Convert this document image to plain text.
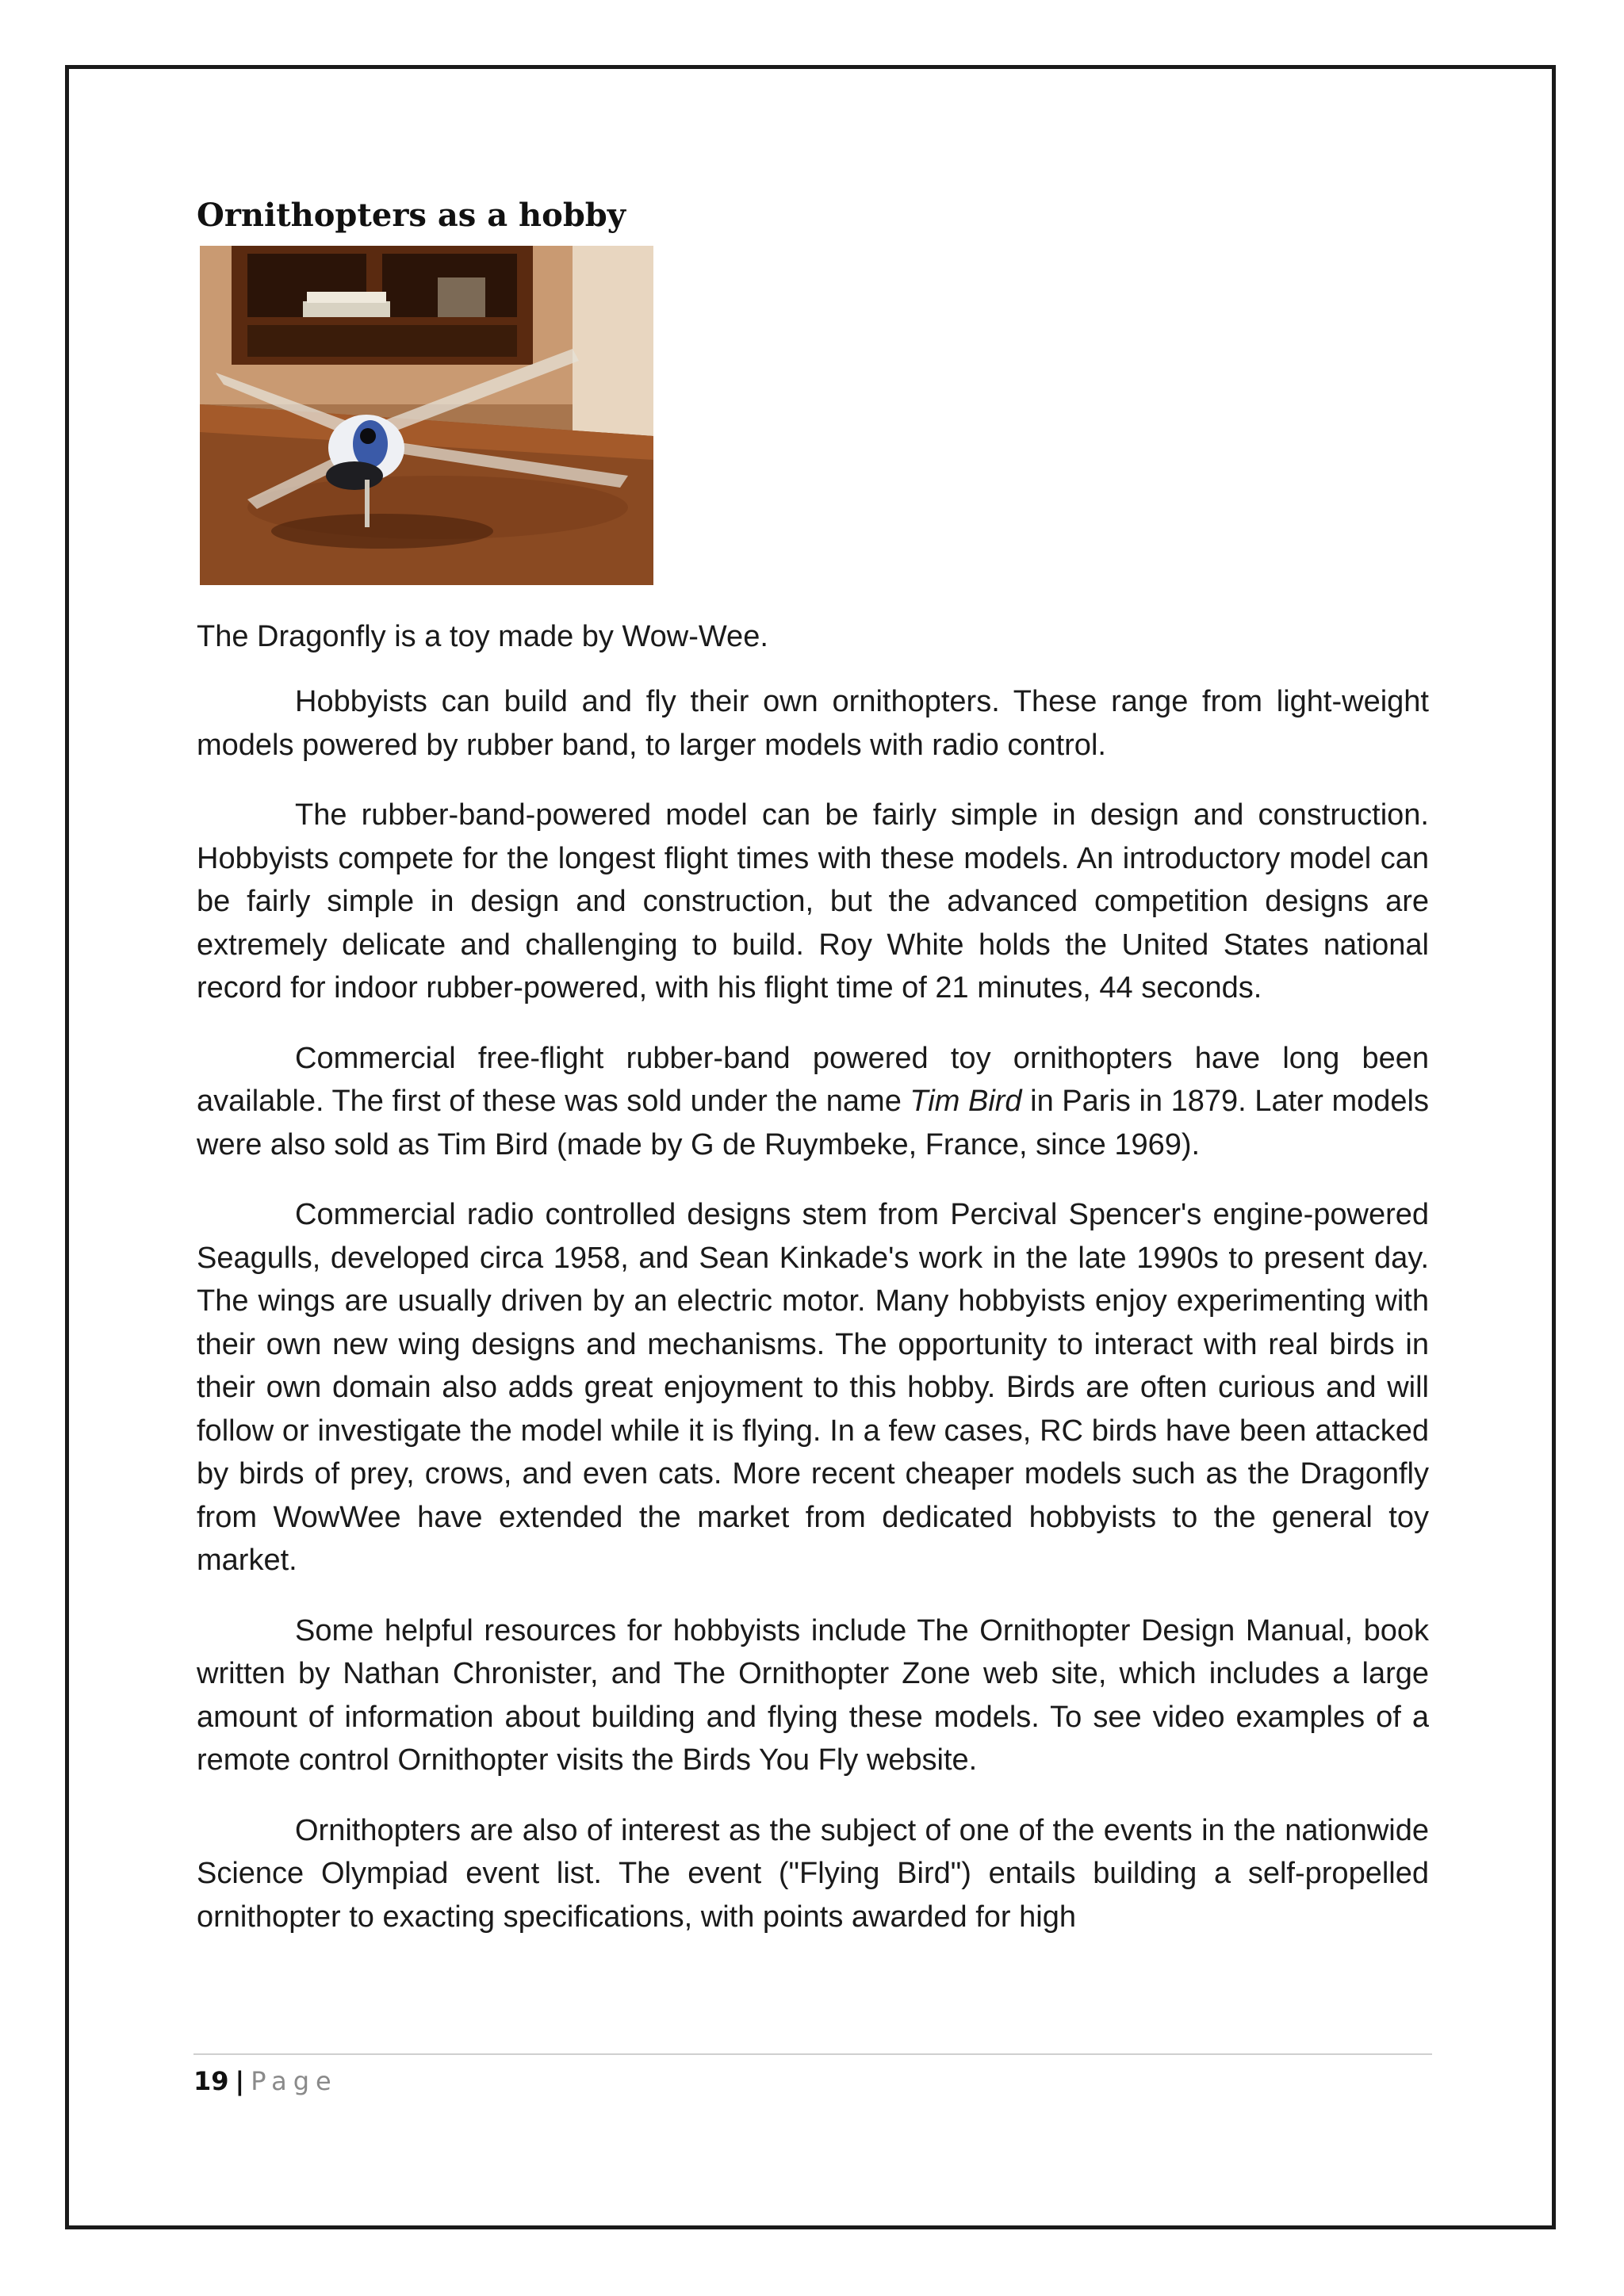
Ornithopters as a hobby
The Dragonfly is a toy made by Wow-Wee.

Hobbyists can build and fly their own ornithopters. These range from light-weight models powered by rubber band, to larger models with radio control.

The rubber-band-powered model can be fairly simple in design and construction. Hobbyists compete for the longest flight times with these models. An introductory model can be fairly simple in design and construction, but the advanced competition designs are extremely delicate and challenging to build. Roy White holds the United States national record for indoor rubber-powered, with his flight time of 21 minutes, 44 seconds.

Commercial free-flight rubber-band powered toy ornithopters have long been available. The first of these was sold under the name Tim Bird in Paris in 1879. Later models were also sold as Tim Bird (made by G de Ruymbeke, France, since 1969).

Commercial radio controlled designs stem from Percival Spencer's engine-powered Seagulls, developed circa 1958, and Sean Kinkade's work in the late 1990s to present day. The wings are usually driven by an electric motor. Many hobbyists enjoy experimenting with their own new wing designs and mechanisms. The opportunity to interact with real birds in their own domain also adds great enjoyment to this hobby. Birds are often curious and will follow or investigate the model while it is flying. In a few cases, RC birds have been attacked by birds of prey, crows, and even cats. More recent cheaper models such as the Dragonfly from WowWee have extended the market from dedicated hobbyists to the general toy market.

Some helpful resources for hobbyists include The Ornithopter Design Manual, book written by Nathan Chronister, and The Ornithopter Zone web site, which includes a large amount of information about building and flying these models. To see video examples of a remote control Ornithopter visits the Birds You Fly website.

Ornithopters are also of interest as the subject of one of the events in the nationwide Science Olympiad event list. The event ("Flying Bird") entails building a self-propelled ornithopter to exacting specifications, with points awarded for high

19 | Page
